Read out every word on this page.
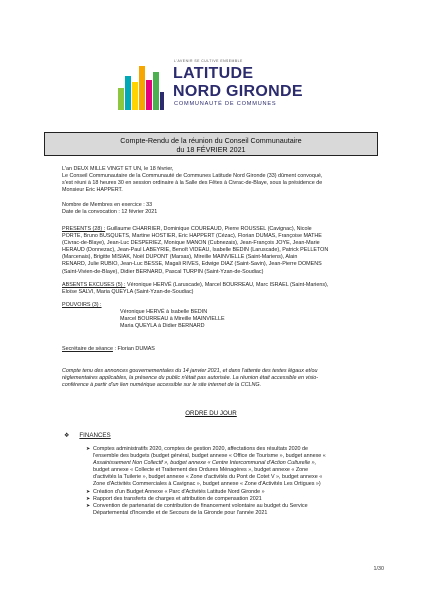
L'AVENIR SE CULTIVE ENSEMBLE
LATITUDE
NORD GIRONDE
COMMUNAUTÉ DE COMMUNES
Compte-Rendu de la réunion du Conseil Communautaire
du 18 FÉVRIER 2021
L'an DEUX MILLE VINGT ET UN, le 18 février,
Le Conseil Communautaire de la Communauté de Communes Latitude Nord Gironde (33) dûment convoqué,
s'est réuni à 18 heures 30 en session ordinaire à la Salle des Fêtes à Civrac-de-Blaye, sous la présidence de
Monsieur Eric HAPPERT.
Nombre de Membres en exercice : 33
Date de la convocation : 12 février 2021
PRESENTS (28) : Guillaume CHARRIER, Dominique COUREAUD, Pierre ROUSSEL (Cavignac), Nicole
PORTE, Bruno BUSQUETS, Martine HOSTIER, Eric HAPPERT (Cézac), Florian DUMAS, Françoise MATHE
(Civrac-de-Blaye), Jean-Luc DESPERIEZ, Monique MANON (Cubnezais), Jean-François JOYE, Jean-Marie
HERAUD (Donnezac), Jean-Paul LABEYRIE, Benoît VIDEAU, Isabelle BEDIN (Laruscade), Patrick PELLETON
(Marcenais), Brigitte MISIAK, Noël DUPONT (Marsas), Mireille MAINVIELLE (Saint-Mariens), Alain
RENARD, Julie RUBIO, Jean-Luc BESSE, Magali RIVES, Edwige DIAZ (Saint-Savin), Jean-Pierre DOMENS
(Saint-Vivien-de-Blaye), Didier BERNARD, Pascal TURPIN (Saint-Yzan-de-Soudiac)
ABSENTS EXCUSES (5) : Véronique HERVÉ (Laruscade), Marcel BOURREAU, Marc ISRAEL (Saint-Mariens),
Eloïse SALVI, Maria QUEYLA (Saint-Yzan-de-Soudiac)
POUVOIRS (3) :
Véronique HERVÉ à Isabelle BEDIN
Marcel BOURREAU à Mireille MAINVIELLE
Maria QUEYLA à Didier BERNARD
Secrétaire de séance : Florian DUMAS
Compte tenu des annonces gouvernementales du 14 janvier 2021, et dans l'attente des textes légaux et/ou
réglementaires applicables, la présence du public n'était pas autorisée. La réunion était accessible en visio-
conférence à partir d'un lien numérique accessible sur le site internet de la CCLNG.
ORDRE DU JOUR
❖ FINANCES
➤ Comptes administratifs 2020, comptes de gestion 2020, affectations des résultats 2020 de
l'ensemble des budgets (budget général, budget annexe « Office de Tourisme », budget annexe «
Assainissement Non Collectif », budget annexe « Centre Intercommunal d'Action Culturelle »,
budget annexe « Collecte et Traitement des Ordures Ménagères », budget annexe « Zone
d'activités la Tuilerie », budget annexe « Zone d'activités du Pont de Cotet V », budget annexe «
Zone d'Activités Commerciales à Cavignac », budget annexe « Zone d'Activités Les Ortigues »)
➤ Création d'un Budget Annexe « Parc d'Activités Latitude Nord Gironde »
➤ Rapport des transferts de charges et attribution de compensation 2021
➤ Convention de partenariat de contribution de financement volontaire au budget du Service
Départemental d'Incendie et de Secours de la Gironde pour l'année 2021
1/30
